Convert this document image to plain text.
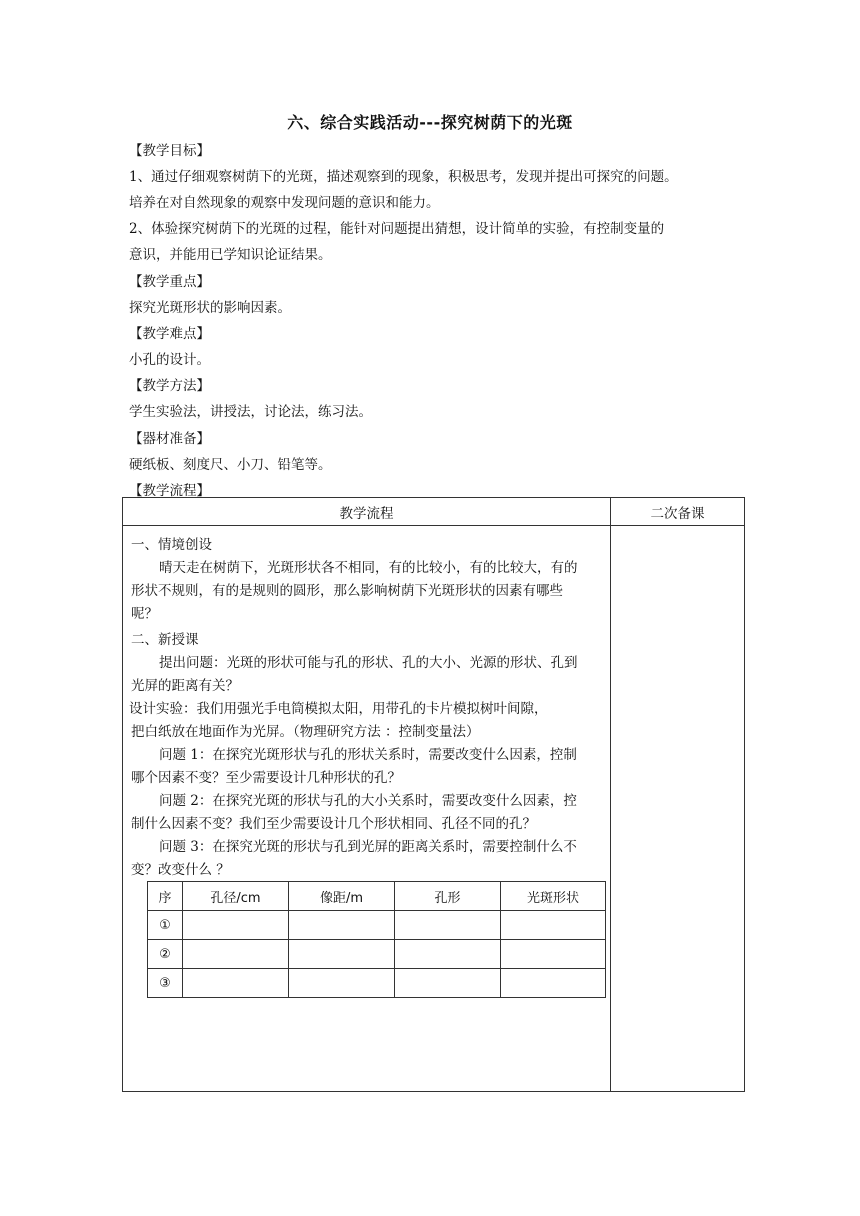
六、综合实践活动---探究树荫下的光斑
【教学目标】
1、通过仔细观察树荫下的光斑，描述观察到的现象，积极思考，发现并提出可探究的问题。
培养在对自然现象的观察中发现问题的意识和能力。
2、体验探究树荫下的光斑的过程，能针对问题提出猜想，设计简单的实验，有控制变量的
意识，并能用已学知识论证结果。
【教学重点】
探究光斑形状的影响因素。
【教学难点】
小孔的设计。
【教学方法】
学生实验法，讲授法，讨论法，练习法。
【器材准备】
硬纸板、刻度尺、小刀、铅笔等。
【教学流程】
教学流程	二次备课

一、情境创设
晴天走在树荫下，光斑形状各不相同，有的比较小，有的比较大，有的
形状不规则，有的是规则的圆形，那么影响树荫下光斑形状的因素有哪些
呢？
二、新授课
提出问题：光斑的形状可能与孔的形状、孔的大小、光源的形状、孔到
光屏的距离有关？
设计实验：我们用强光手电筒模拟太阳，用带孔的卡片模拟树叶间隙，
把白纸放在地面作为光屏。（物理研究方法 ：控制变量法）
问题 1：在探究光斑形状与孔的形状关系时，需要改变什么因素，控制
哪个因素不变？至少需要设计几种形状的孔？
问题 2：在探究光斑的形状与孔的大小关系时，需要改变什么因素，控
制什么因素不变？我们至少需要设计几个形状相同、孔径不同的孔？
问题 3：在探究光斑的形状与孔到光屏的距离关系时，需要控制什么不
变？改变什么 ？
序	孔径/cm	像距/m	孔形	光斑形状
①				
②				
③				
